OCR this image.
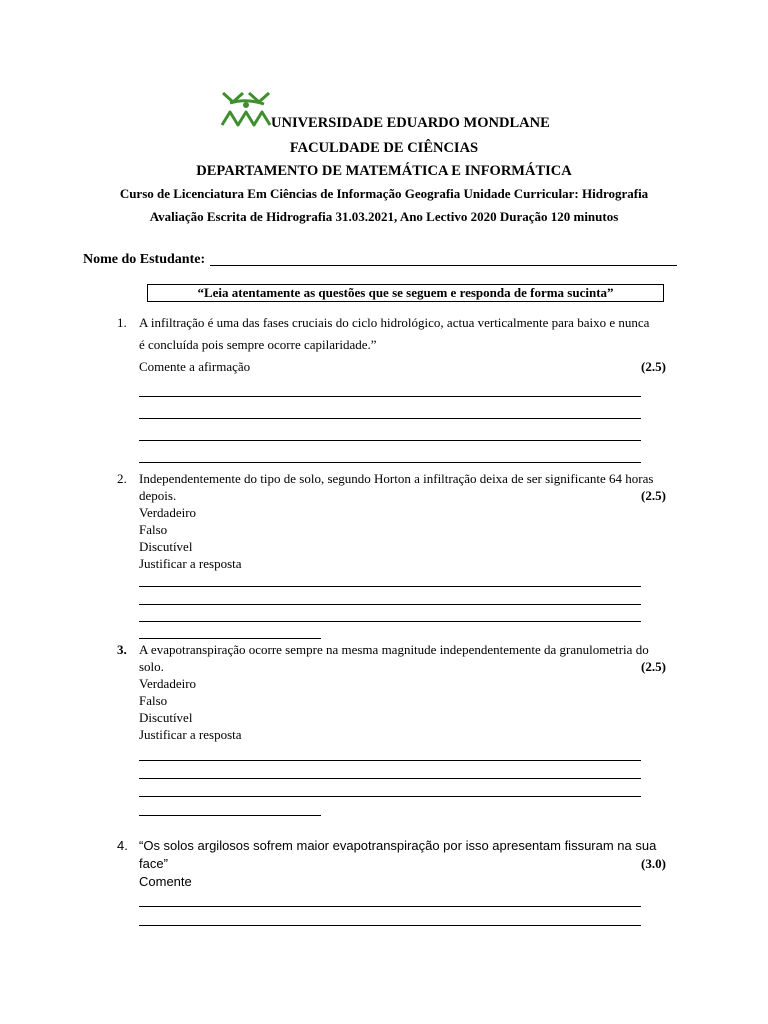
UNIVERSIDADE EDUARDO MONDLANE
FACULDADE DE CIÊNCIAS
DEPARTAMENTO DE MATEMÁTICA E INFORMÁTICA
Curso de Licenciatura Em Ciências de Informação Geografia Unidade Curricular: Hidrografia
Avaliação Escrita de Hidrografia 31.03.2021, Ano Lectivo 2020 Duração 120 minutos
Nome do Estudante:
“Leia atentamente as questões que se seguem e responda de forma sucinta”
1. A infiltração é uma das fases cruciais do ciclo hidrológico, actua verticalmente para baixo e nunca
é concluída pois sempre ocorre capilaridade.”
Comente a afirmação	(2.5)
2. Independentemente do tipo de solo, segundo Horton a infiltração deixa de ser significante 64 horas
depois.	(2.5)
Verdadeiro
Falso
Discutível
Justificar a resposta
3. A evapotranspiração ocorre sempre na mesma magnitude independentemente da granulometria do
solo.	(2.5)
Verdadeiro
Falso
Discutível
Justificar a resposta
4. “Os solos argilosos sofrem maior evapotranspiração por isso apresentam fissuram na sua
face”	(3.0)
Comente
